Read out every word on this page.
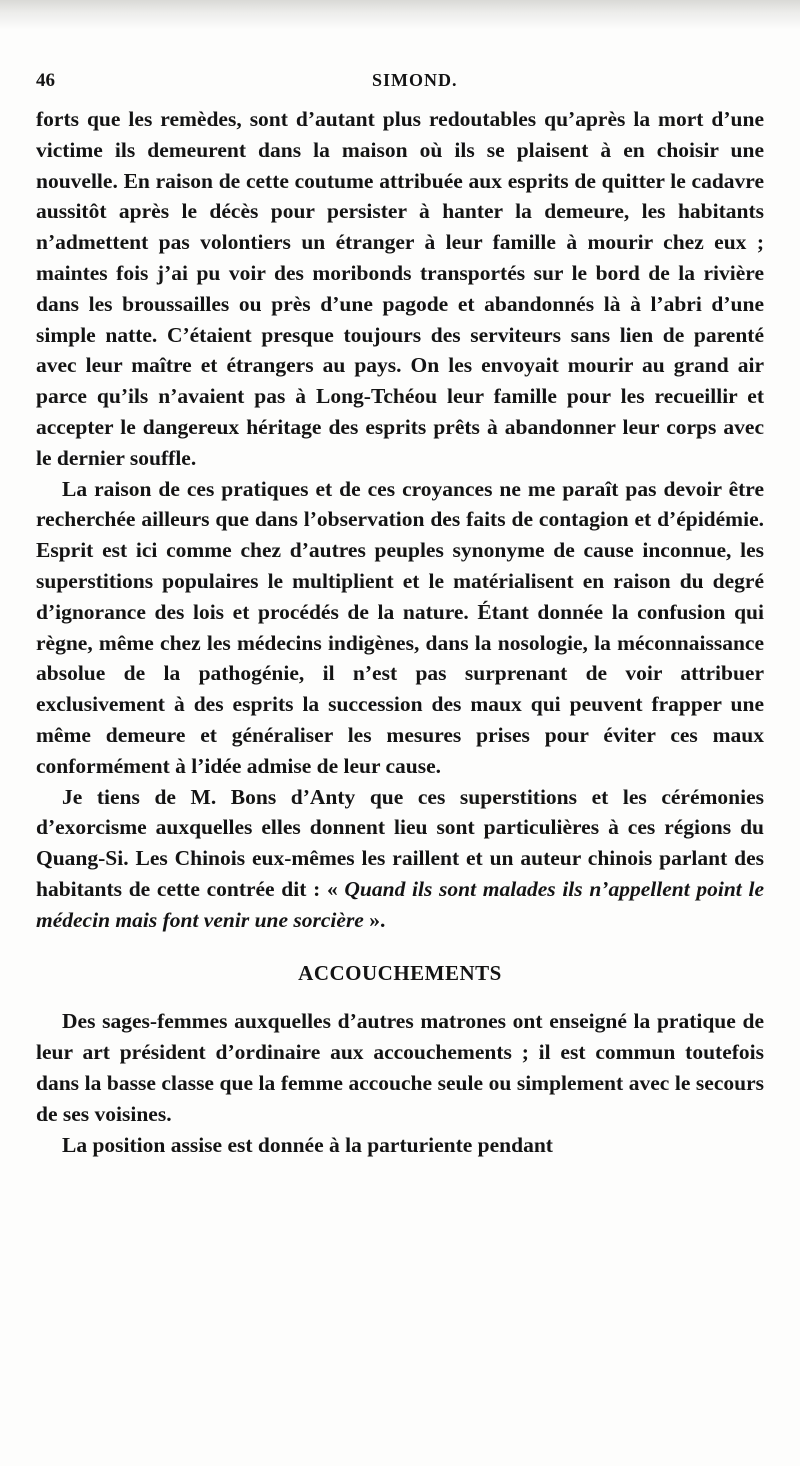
46	SIMOND.

forts que les remèdes, sont d’autant plus redoutables qu’après la mort d’une victime ils demeurent dans la maison où ils se plaisent à en choisir une nouvelle. En raison de cette coutume attribuée aux esprits de quitter le cadavre aussitôt après le décès pour persister à hanter la demeure, les habitants n’admettent pas volontiers un étranger à leur famille à mourir chez eux ; maintes fois j’ai pu voir des moribonds transportés sur le bord de la rivière dans les broussailles ou près d’une pagode et abandonnés là à l’abri d’une simple natte. C’étaient presque toujours des serviteurs sans lien de parenté avec leur maître et étrangers au pays. On les envoyait mourir au grand air parce qu’ils n’avaient pas à Long-Tchéou leur famille pour les recueillir et accepter le dangereux héritage des esprits prêts à abandonner leur corps avec le dernier souffle.

La raison de ces pratiques et de ces croyances ne me paraît pas devoir être recherchée ailleurs que dans l’observation des faits de contagion et d’épidémie. Esprit est ici comme chez d’autres peuples synonyme de cause inconnue, les superstitions populaires le multiplient et le matérialisent en raison du degré d’ignorance des lois et procédés de la nature. Étant donnée la confusion qui règne, même chez les médecins indigènes, dans la nosologie, la méconnaissance absolue de la pathogénie, il n’est pas surprenant de voir attribuer exclusivement à des esprits la succession des maux qui peuvent frapper une même demeure et généraliser les mesures prises pour éviter ces maux conformément à l’idée admise de leur cause.

Je tiens de M. Bons d’Anty que ces superstitions et les cérémonies d’exorcisme auxquelles elles donnent lieu sont particulières à ces régions du Quang-Si. Les Chinois eux-mêmes les raillent et un auteur chinois parlant des habitants de cette contrée dit : « Quand ils sont malades ils n’appellent point le médecin mais font venir une sorcière ».

ACCOUCHEMENTS

Des sages-femmes auxquelles d’autres matrones ont enseigné la pratique de leur art président d’ordinaire aux accouchements ; il est commun toutefois dans la basse classe que la femme accouche seule ou simplement avec le secours de ses voisines.

La position assise est donnée à la parturiente pendant
